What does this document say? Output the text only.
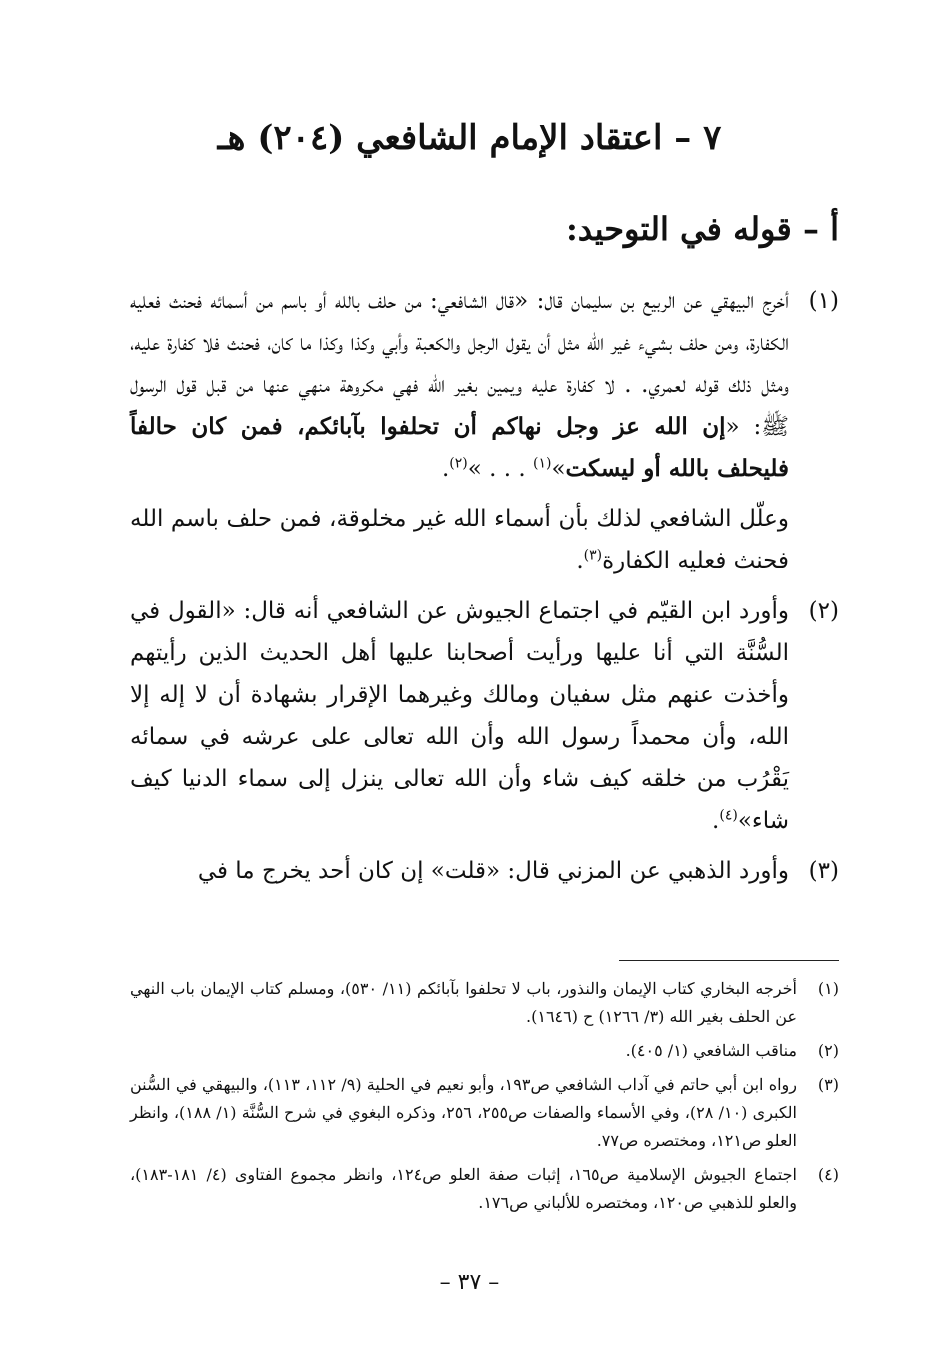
٧ – اعتقاد الإمام الشافعي (٢٠٤) هـ
أ – قوله في التوحيد:
(١)
أخرج البيهقي عن الربيع بن سليمان قال: «قال الشافعي: من حلف بالله أو باسم من أسمائه فحنث فعليه الكفارة، ومن حلف بشيء غير الله مثل أن يقول الرجل والكعبة وأبي وكذا وكذا ما كان، فحنث فلا كفارة عليه، ومثل ذلك قوله لعمري. . لا كفارة عليه ويمين بغير الله فهي مكروهة منهي عنها من قبل قول الرسول ﷺ: «إن الله عز وجل نهاكم أن تحلفوا بآبائكم، فمن كان حالفاً فليحلف بالله أو ليسكت»$^{(١)}$ . . . »$^{(٢)}$.
وعلّل الشافعي لذلك بأن أسماء الله غير مخلوقة، فمن حلف باسم الله فحنث فعليه الكفارة$^{(٣)}$.
(٢)
وأورد ابن القيّم في اجتماع الجيوش عن الشافعي أنه قال: «القول في السُّنَّة التي أنا عليها ورأيت أصحابنا عليها أهل الحديث الذين رأيتهم وأخذت عنهم مثل سفيان ومالك وغيرهما الإقرار بشهادة أن لا إله إلا الله، وأن محمداً رسول الله وأن الله تعالى على عرشه في سمائه يَقْرُب من خلقه كيف شاء وأن الله تعالى ينزل إلى سماء الدنيا كيف شاء»$^{(٤)}$.
(٣)
وأورد الذهبي عن المزني قال: «قلت» إن كان أحد يخرج ما في
(١)
أخرجه البخاري كتاب الإيمان والنذور، باب لا تحلفوا بآبائكم (١١/ ٥٣٠)، ومسلم كتاب الإيمان باب النهي عن الحلف بغير الله (٣/ ١٢٦٦) ح (١٦٤٦).
(٢)
مناقب الشافعي (١/ ٤٠٥).
(٣)
رواه ابن أبي حاتم في آداب الشافعي ص١٩٣، وأبو نعيم في الحلية (٩/ ١١٢، ١١٣)، والبيهقي في السُّنن الكبرى (١٠/ ٢٨)، وفي الأسماء والصفات ص٢٥٥، ٢٥٦، وذكره البغوي في شرح السُّنَّة (١/ ١٨٨)، وانظر العلو ص١٢١، ومختصره ص٧٧.
(٤)
اجتماع الجيوش الإسلامية ص١٦٥، إثبات صفة العلو ص١٢٤، وانظر مجموع الفتاوى (٤/ ١٨١-١٨٣)، والعلو للذهبي ص١٢٠، ومختصره للألباني ص١٧٦.
– ٣٧ –
